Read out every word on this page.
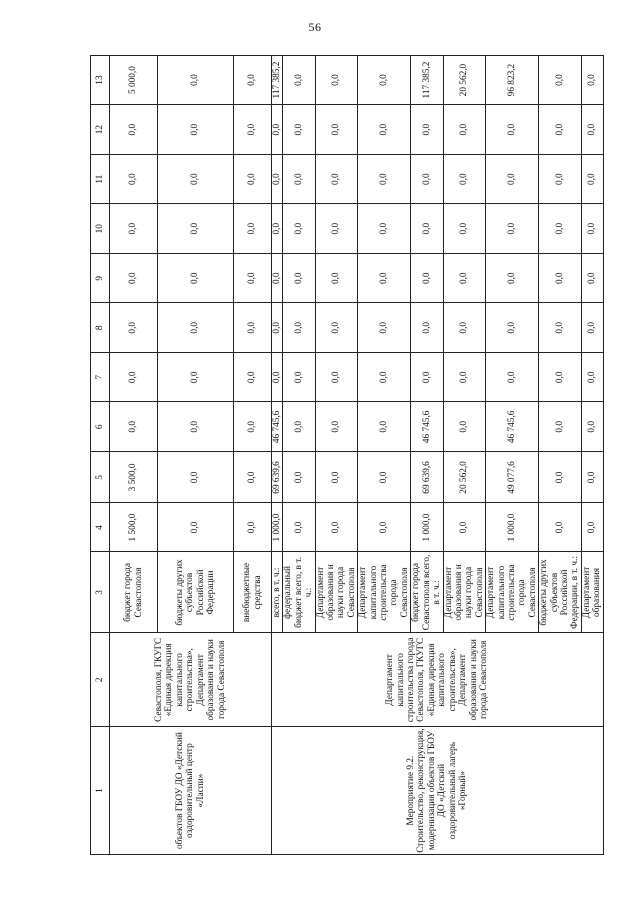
56
1	2	3	4	5	6	7	8	9	10	11	12	13
объектов ГБОУ ДО «Детский оздоровительный центр «Ласпи»	Севастополя, ГКУГС «Единая дирекция капитального строительства», Департамент образования и науки города Севастополя	бюджет города Севастополя	1 500,0	3 500,0	0,0	0,0	0,0	0,0	0,0	0,0	0,0	5 000,0
		бюджеты других субъектов Российской Федерации	0,0	0,0	0,0	0,0	0,0	0,0	0,0	0,0	0,0	0,0
		внебюджетные средства	0,0	0,0	0,0	0,0	0,0	0,0	0,0	0,0	0,0	0,0
Мероприятие 9.2. Строительство, реконструкция, модернизация объектов ГБОУ ДО «Детский оздоровительный лагерь «Горный»	Департамент капитального строительства города Севастополя, ГКУГС «Единая дирекция капитального строительства», Департамент образования и науки города Севастополя	всего, в т. ч.:	1 000,0	69 639,6	46 745,6	0,0	0,0	0,0	0,0	0,0	0,0	117 385,2
		федеральный бюджет всего, в т. ч.:	0,0	0,0	0,0	0,0	0,0	0,0	0,0	0,0	0,0	0,0
		Департамент образования и науки города Севастополя	0,0	0,0	0,0	0,0	0,0	0,0	0,0	0,0	0,0	0,0
		Департамент капитального строительства города Севастополя	0,0	0,0	0,0	0,0	0,0	0,0	0,0	0,0	0,0	0,0
		бюджет города Севастополя всего, в т. ч.:	1 000,0	69 639,6	46 745,6	0,0	0,0	0,0	0,0	0,0	0,0	117 385,2
		Департамент образования и науки города Севастополя	0,0	20 562,0	0,0	0,0	0,0	0,0	0,0	0,0	0,0	20 562,0
		Департамент капитального строительства города Севастополя	1 000,0	49 077,6	46 745,6	0,0	0,0	0,0	0,0	0,0	0,0	96 823,2
		бюджеты других субъектов Российской Федерации, в т. ч.:	0,0	0,0	0,0	0,0	0,0	0,0	0,0	0,0	0,0	0,0
		Департамент образования	0,0	0,0	0,0	0,0	0,0	0,0	0,0	0,0	0,0	0,0
